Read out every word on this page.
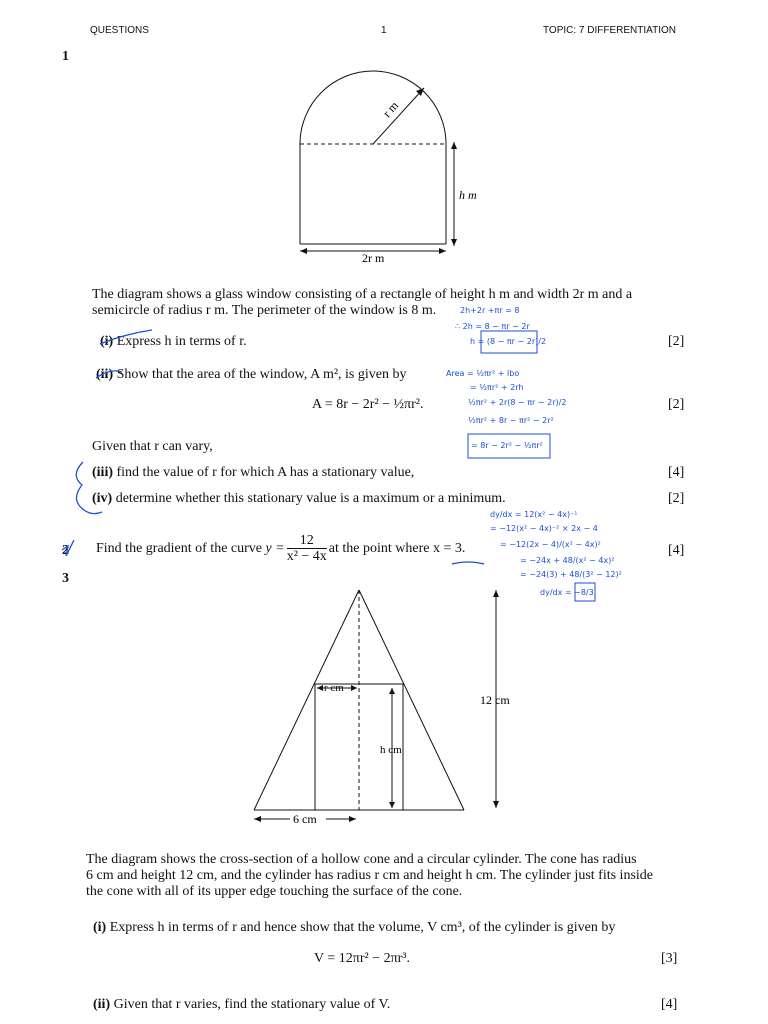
QUESTIONS	1	TOPIC: 7 DIFFERENTIATION
1
r m
h m
2r m
The diagram shows a glass window consisting of a rectangle of height h m and width 2r m and a
semicircle of radius r m. The perimeter of the window is 8 m.
(i) Express h in terms of r.	[2]
(ii) Show that the area of the window, A m², is given by
A = 8r − 2r² − ½πr².	[2]
Given that r can vary,
(iii) find the value of r for which A has a stationary value,	[4]
(iv) determine whether this stationary value is a maximum or a minimum.	[2]
2 Find the gradient of the curve
$y = \frac{12}{\text{x² − 4x}}$ at the point where x = 3.	[4]
3
r cm
h cm
12 cm
6 cm
The diagram shows the cross-section of a hollow cone and a circular cylinder. The cone has radius
6 cm and height 12 cm, and the cylinder has radius r cm and height h cm. The cylinder just fits inside
the cone with all of its upper edge touching the surface of the cone.
(i) Express h in terms of r and hence show that the volume, V cm³, of the cylinder is given by
V = 12πr² − 2πr³.	[3]
(ii) Given that r varies, find the stationary value of V.	[4]
2h+2r +πr = 8
∴ 2h = 8 − πr − 2r
h = (8 − πr − 2r)/2
Area = ½πr² + lbo
= ½πr² + 2rh
½πr² + 2r(8 − πr − 2r)/2
½πr² + 8r − πr² − 2r²
= 8r − 2r² − ½πr²
dy/dx = 12(x² − 4x)⁻¹
= −12(x² − 4x)⁻² × 2x − 4
= −12(2x − 4)/(x² − 4x)²
= −24x + 48/(x² − 4x)²
= −24(3) + 48/(3² − 12)²
dy/dx = −8/3
